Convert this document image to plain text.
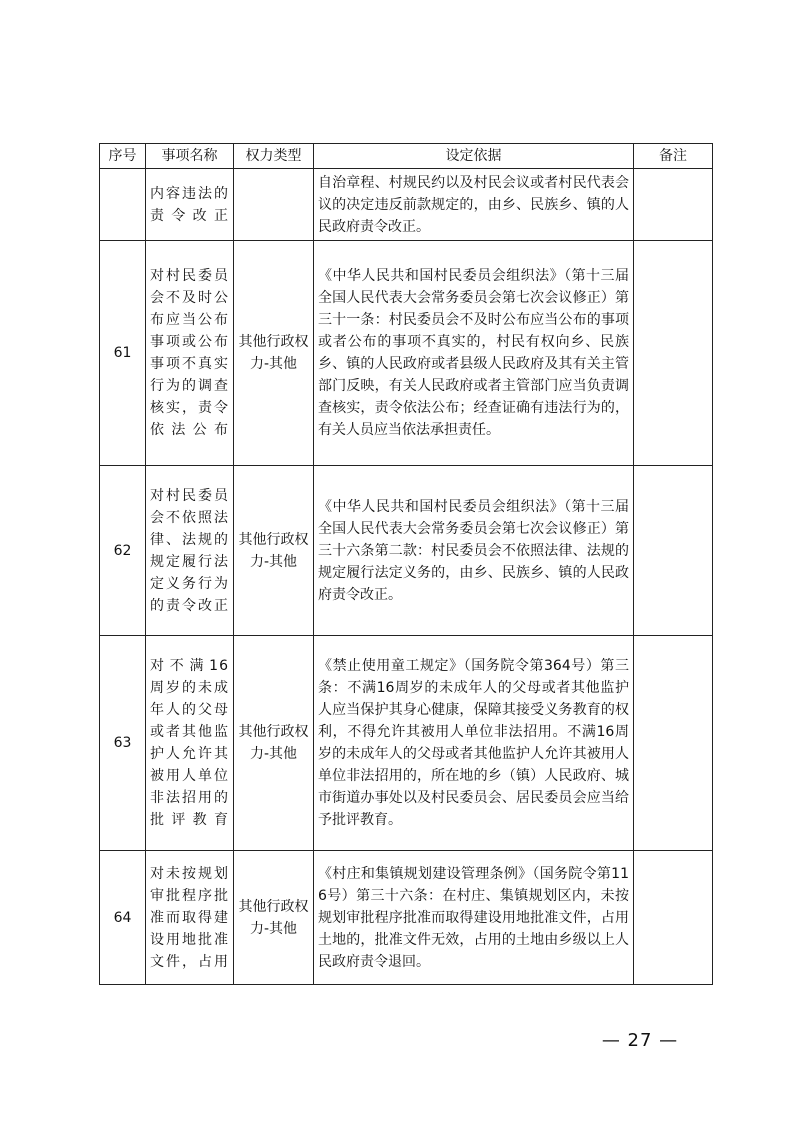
序号	事项名称	权力类型	设定依据	备注
	内容违法的责令改正		自治章程、村规民约以及村民会议或者村民代表会议的决定违反前款规定的，由乡、民族乡、镇的人民政府责令改正。	
61	对村民委员会不及时公布应当公布事项或公布事项不真实行为的调查核实，责令依法公布	其他行政权力-其他	《中华人民共和国村民委员会组织法》（第十三届全国人民代表大会常务委员会第七次会议修正）第三十一条：村民委员会不及时公布应当公布的事项或者公布的事项不真实的，村民有权向乡、民族乡、镇的人民政府或者县级人民政府及其有关主管部门反映，有关人民政府或者主管部门应当负责调查核实，责令依法公布；经查证确有违法行为的，有关人员应当依法承担责任。	
62	对村民委员会不依照法律、法规的规定履行法定义务行为的责令改正	其他行政权力-其他	《中华人民共和国村民委员会组织法》（第十三届全国人民代表大会常务委员会第七次会议修正）第三十六条第二款：村民委员会不依照法律、法规的规定履行法定义务的，由乡、民族乡、镇的人民政府责令改正。	
63	对不满16周岁的未成年人的父母或者其他监护人允许其被用人单位非法招用的批评教育	其他行政权力-其他	《禁止使用童工规定》（国务院令第364号）第三条：不满16周岁的未成年人的父母或者其他监护人应当保护其身心健康，保障其接受义务教育的权利，不得允许其被用人单位非法招用。不满16周岁的未成年人的父母或者其他监护人允许其被用人单位非法招用的，所在地的乡（镇）人民政府、城市街道办事处以及村民委员会、居民委员会应当给予批评教育。	
64	对未按规划审批程序批准而取得建设用地批准文件，占用	其他行政权力-其他	《村庄和集镇规划建设管理条例》（国务院令第116号）第三十六条：在村庄、集镇规划区内，未按规划审批程序批准而取得建设用地批准文件，占用土地的，批准文件无效，占用的土地由乡级以上人民政府责令退回。	
— 27 —
